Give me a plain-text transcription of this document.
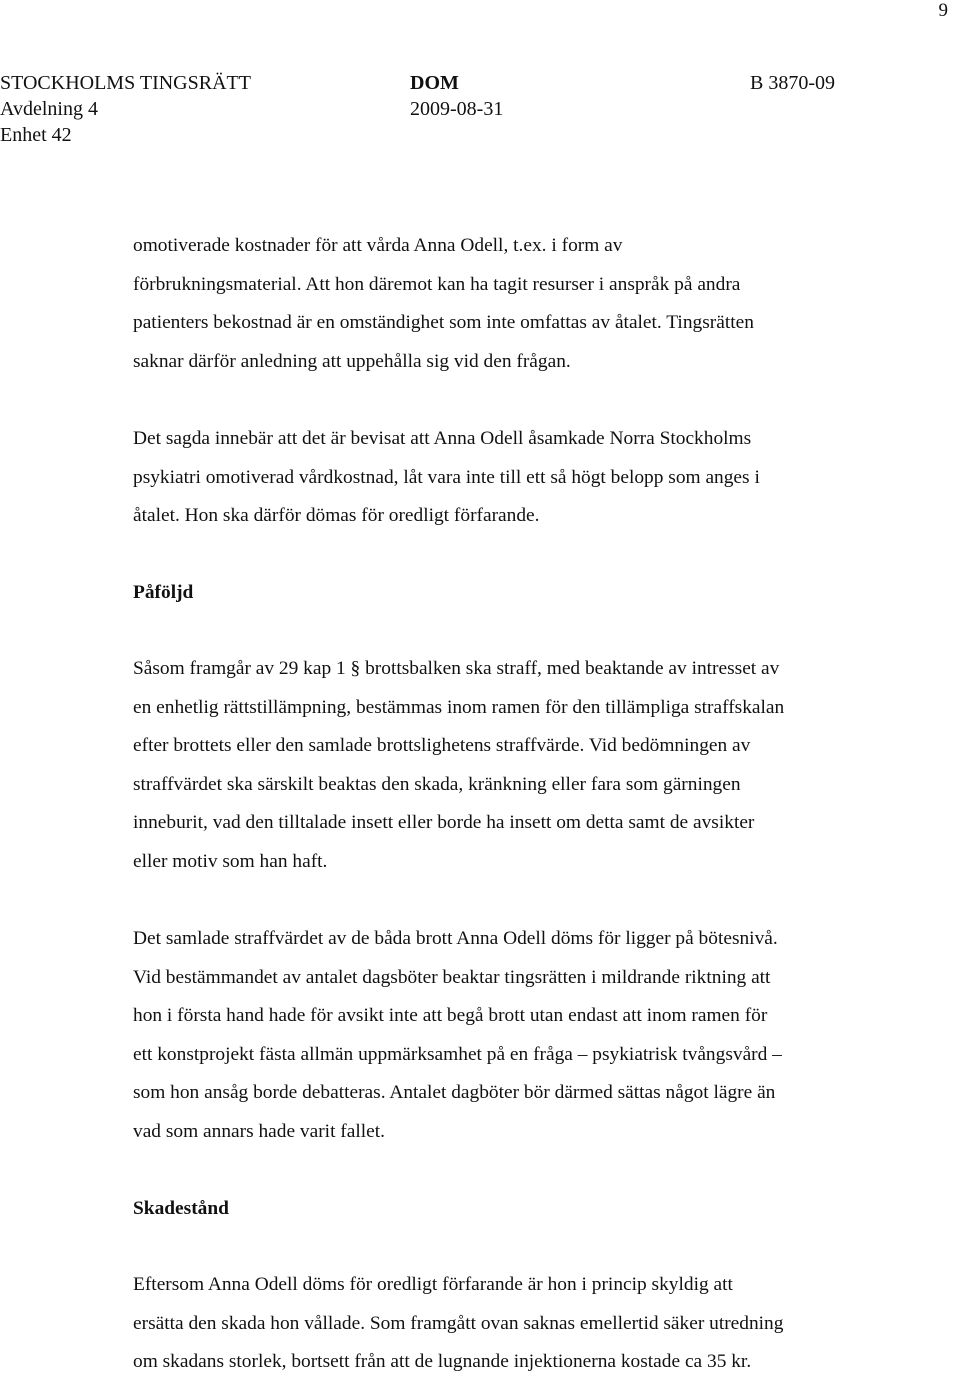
9
STOCKHOLMS TINGSRÄTT
Avdelning 4
Enhet 42
DOM
2009-08-31
B 3870-09
omotiverade kostnader för att vårda Anna Odell, t.ex. i form av
förbrukningsmaterial. Att hon däremot kan ha tagit resurser i anspråk på andra
patienters bekostnad är en omständighet som inte omfattas av åtalet. Tingsrätten
saknar därför anledning att uppehålla sig vid den frågan.
Det sagda innebär att det är bevisat att Anna Odell åsamkade Norra Stockholms
psykiatri omotiverad vårdkostnad, låt vara inte till ett så högt belopp som anges i
åtalet. Hon ska därför dömas för oredligt förfarande.
Påföljd
Såsom framgår av 29 kap 1 § brottsbalken ska straff, med beaktande av intresset av
en enhetlig rättstillämpning, bestämmas inom ramen för den tillämpliga straffskalan
efter brottets eller den samlade brottslighetens straffvärde. Vid bedömningen av
straffvärdet ska särskilt beaktas den skada, kränkning eller fara som gärningen
inneburit, vad den tilltalade insett eller borde ha insett om detta samt de avsikter
eller motiv som han haft.
Det samlade straffvärdet av de båda brott Anna Odell döms för ligger på bötesnivå.
Vid bestämmandet av antalet dagsböter beaktar tingsrätten i mildrande riktning att
hon i första hand hade för avsikt inte att begå brott utan endast att inom ramen för
ett konstprojekt fästa allmän uppmärksamhet på en fråga – psykiatrisk tvångsvård –
som hon ansåg borde debatteras. Antalet dagböter bör därmed sättas något lägre än
vad som annars hade varit fallet.
Skadestånd
Eftersom Anna Odell döms för oredligt förfarande är hon i princip skyldig att
ersätta den skada hon vållade. Som framgått ovan saknas emellertid säker utredning
om skadans storlek, bortsett från att de lugnande injektionerna kostade ca 35 kr.
